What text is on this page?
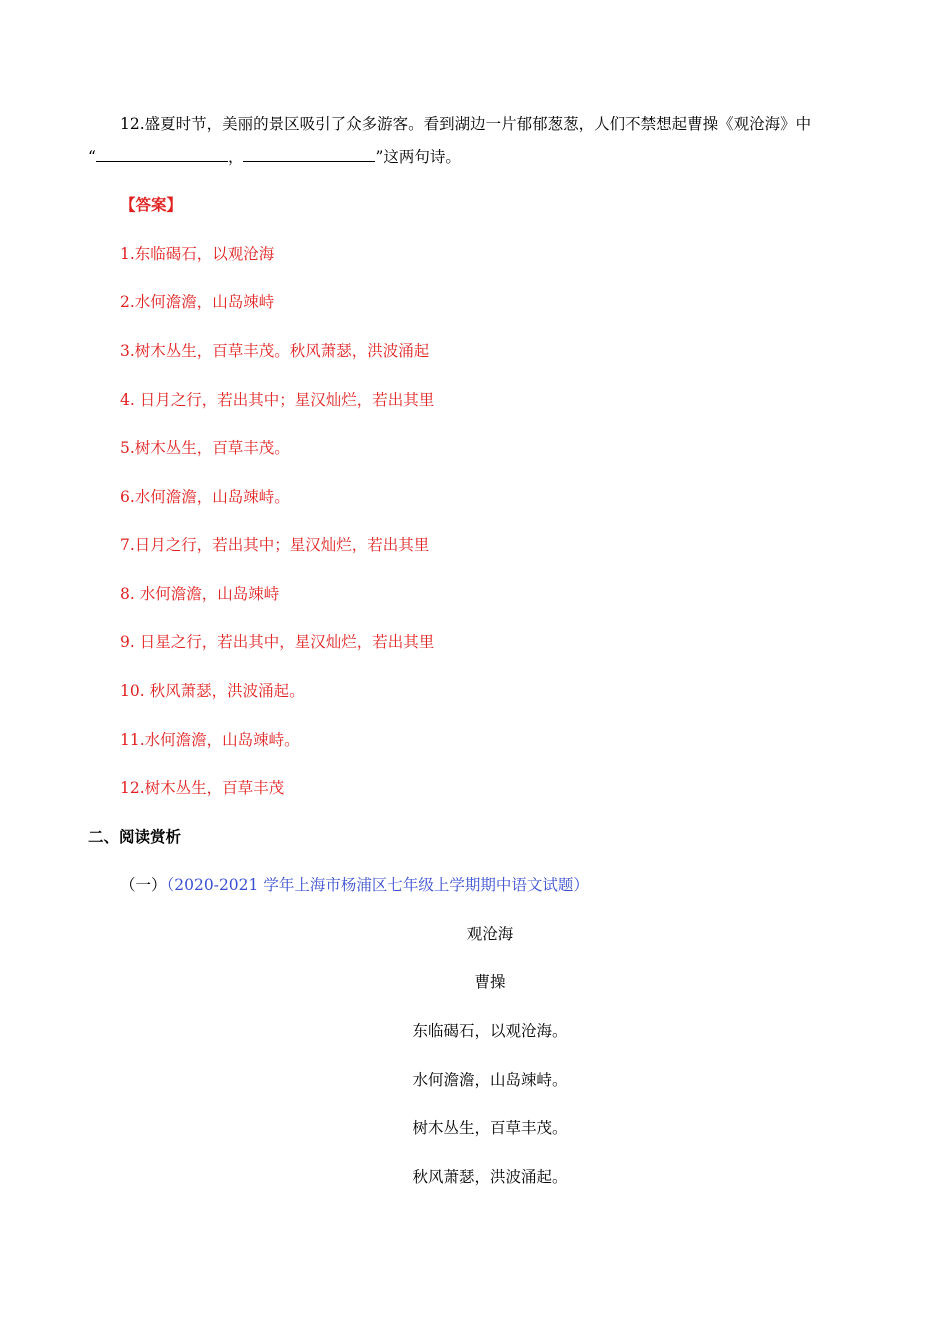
12.盛夏时节，美丽的景区吸引了众多游客。看到湖边一片郁郁葱葱，人们不禁想起曹操《观沧海》中
“	，	”这两句诗。
【答案】
1.东临碣石，以观沧海
2.水何澹澹，山岛竦峙
3.树木丛生，百草丰茂。秋风萧瑟，洪波涌起
4. 日月之行，若出其中；星汉灿烂，若出其里
5.树木丛生，百草丰茂。
6.水何澹澹，山岛竦峙。
7.日月之行，若出其中；星汉灿烂，若出其里
8. 水何澹澹，山岛竦峙
9. 日星之行，若出其中，星汉灿烂，若出其里
10. 秋风萧瑟，洪波涌起。
11.水何澹澹，山岛竦峙。
12.树木丛生，百草丰茂
二、阅读赏析
（一）（2020-2021 学年上海市杨浦区七年级上学期期中语文试题）
观沧海
曹操
东临碣石，以观沧海。
水何澹澹，山岛竦峙。
树木丛生，百草丰茂。
秋风萧瑟，洪波涌起。
